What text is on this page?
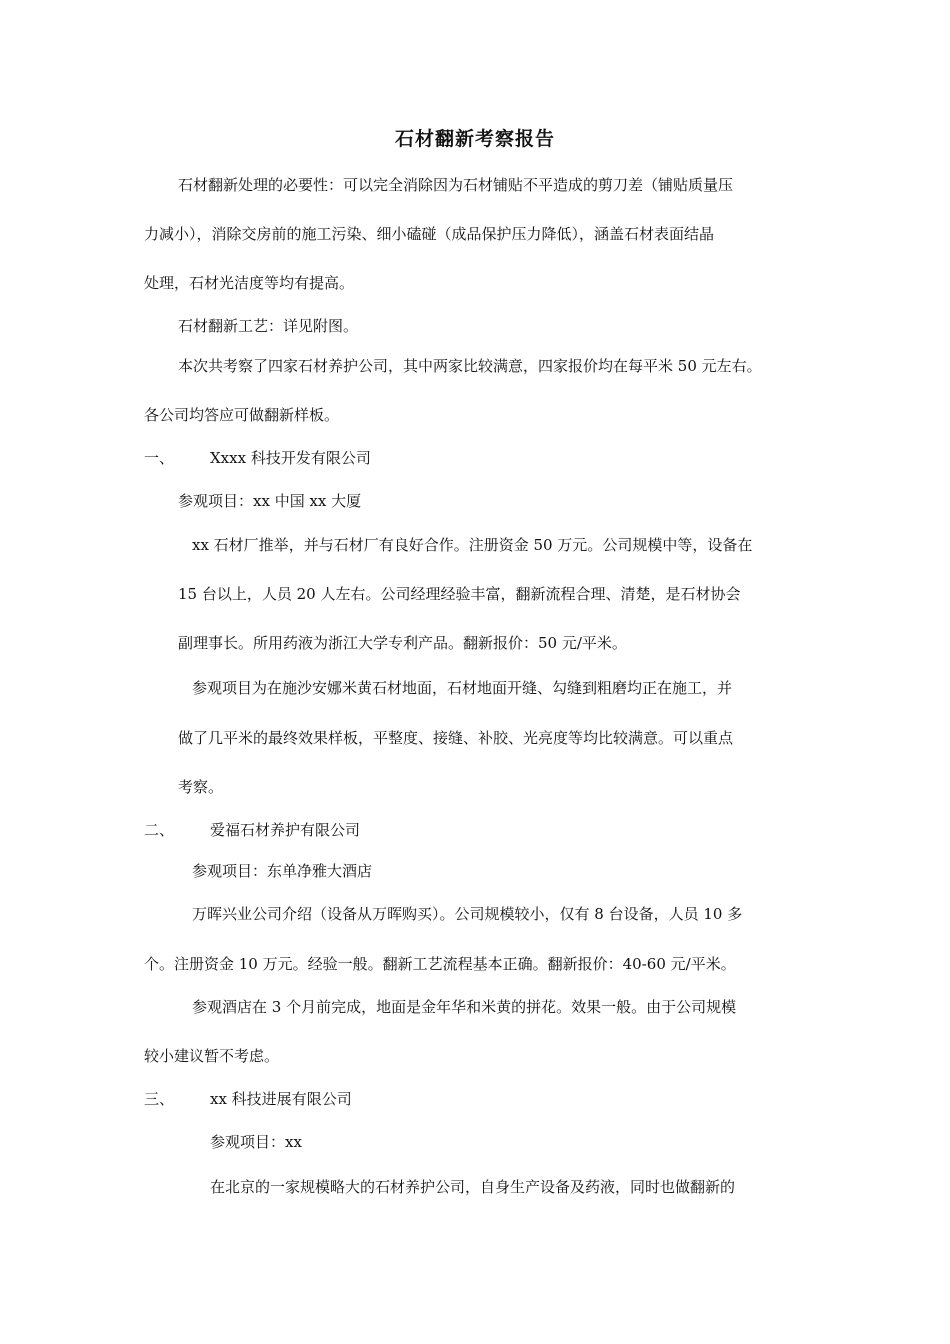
石材翻新考察报告
石材翻新处理的必要性：可以完全消除因为石材铺贴不平造成的剪刀差（铺贴质量压
力减小），消除交房前的施工污染、细小磕碰（成品保护压力降低），涵盖石材表面结晶
处理，石材光洁度等均有提高。
石材翻新工艺：详见附图。
本次共考察了四家石材养护公司，其中两家比较满意，四家报价均在每平米 50 元左右。
各公司均答应可做翻新样板。
一、 Xxxx 科技开发有限公司
参观项目：xx 中国 xx 大厦
xx 石材厂推举，并与石材厂有良好合作。注册资金 50 万元。公司规模中等，设备在
15 台以上，人员 20 人左右。公司经理经验丰富，翻新流程合理、清楚，是石材协会
副理事长。所用药液为浙江大学专利产品。翻新报价：50 元/平米。
参观项目为在施沙安娜米黄石材地面，石材地面开缝、勾缝到粗磨均正在施工，并
做了几平米的最终效果样板，平整度、接缝、补胶、光亮度等均比较满意。可以重点
考察。
二、 爱福石材养护有限公司
参观项目：东单净雅大酒店
万晖兴业公司介绍（设备从万晖购买）。公司规模较小，仅有 8 台设备，人员 10 多
个。注册资金 10 万元。经验一般。翻新工艺流程基本正确。翻新报价：40-60 元/平米。
参观酒店在 3 个月前完成，地面是金年华和米黄的拼花。效果一般。由于公司规模
较小建议暂不考虑。
三、 xx 科技进展有限公司
参观项目：xx
在北京的一家规模略大的石材养护公司，自身生产设备及药液，同时也做翻新的
